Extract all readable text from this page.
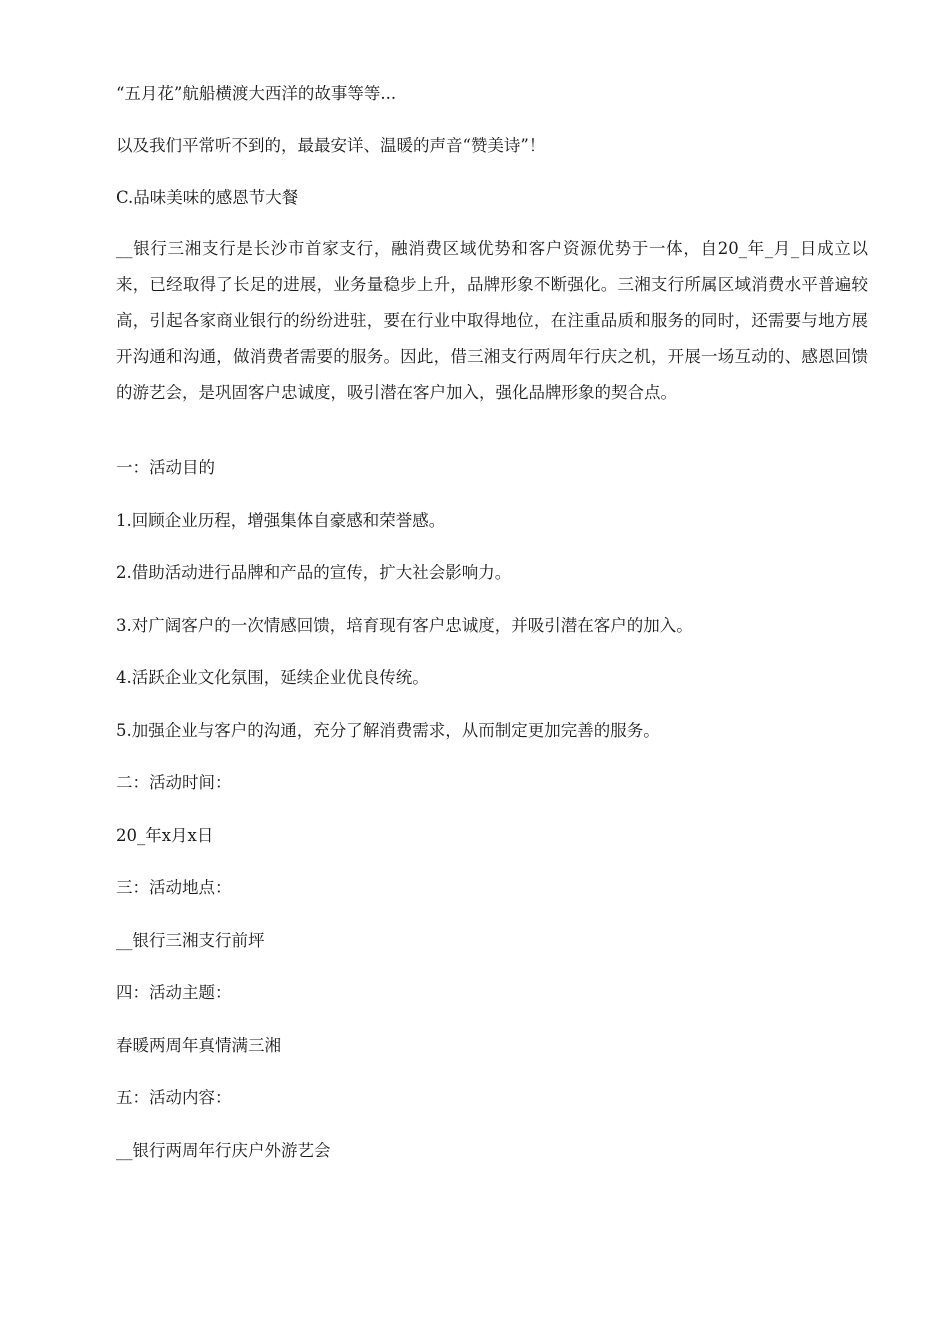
“五月花”航船横渡大西洋的故事等等...
以及我们平常听不到的，最最安详、温暖的声音“赞美诗”！
C.品味美味的感恩节大餐
__银行三湘支行是长沙市首家支行，融消费区域优势和客户资源优势于一体，自20_年_月_日成立以来，已经取得了长足的进展，业务量稳步上升，品牌形象不断强化。三湘支行所属区域消费水平普遍较高，引起各家商业银行的纷纷进驻，要在行业中取得地位，在注重品质和服务的同时，还需要与地方展开沟通和沟通，做消费者需要的服务。因此，借三湘支行两周年行庆之机，开展一场互动的、感恩回馈的游艺会，是巩固客户忠诚度，吸引潜在客户加入，强化品牌形象的契合点。
一：活动目的
1.回顾企业历程，增强集体自豪感和荣誉感。
2.借助活动进行品牌和产品的宣传，扩大社会影响力。
3.对广阔客户的一次情感回馈，培育现有客户忠诚度，并吸引潜在客户的加入。
4.活跃企业文化氛围，延续企业优良传统。
5.加强企业与客户的沟通，充分了解消费需求，从而制定更加完善的服务。
二：活动时间：
20_年x月x日
三：活动地点：
__银行三湘支行前坪
四：活动主题：
春暖两周年真情满三湘
五：活动内容：
__银行两周年行庆户外游艺会
